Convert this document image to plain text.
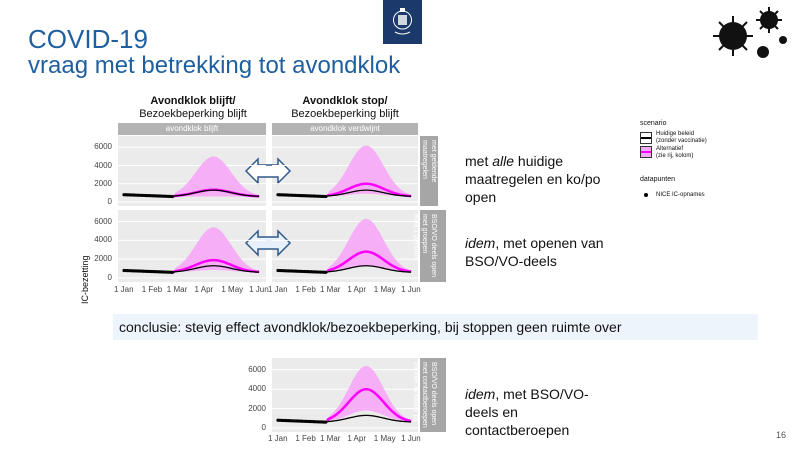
COVID-19
vraag met betrekking tot avondklok
Avondklok blijft/
Bezoekbeperking blijft
Avondklok stop/
Bezoekbeperking blijft
avondklok blijft	avondklok verdwijnt
met geldende
maatregelen
BSO/VO deels open
met groepen
max 1 persoon
BSO/VO deels open
met contactberoepen
zonder av.klok/1 ps
6000
4000
2000
0
6000
4000
2000
0
6000
4000
2000
0
1 Jan 1 Feb 1 Mar 1 Apr 1 May 1 Jun 1 Jan 1 Feb 1 Mar 1 Apr 1 May 1 Jun
1 Jan 1 Feb 1 Mar 1 Apr 1 May 1 Jun
IC-bezetting
met alle huidige maatregelen en ko/po open
idem, met openen van BSO/VO-deels
idem, met BSO/VO-deels en contactberoepen
scenario
Huidige beleid
(zonder vaccinatie)
Alternatief
(zie rij, kolom)
datapunten
NICE IC-opnames
conclusie: stevig effect avondklok/bezoekbeperking, bij stoppen geen ruimte over
16
